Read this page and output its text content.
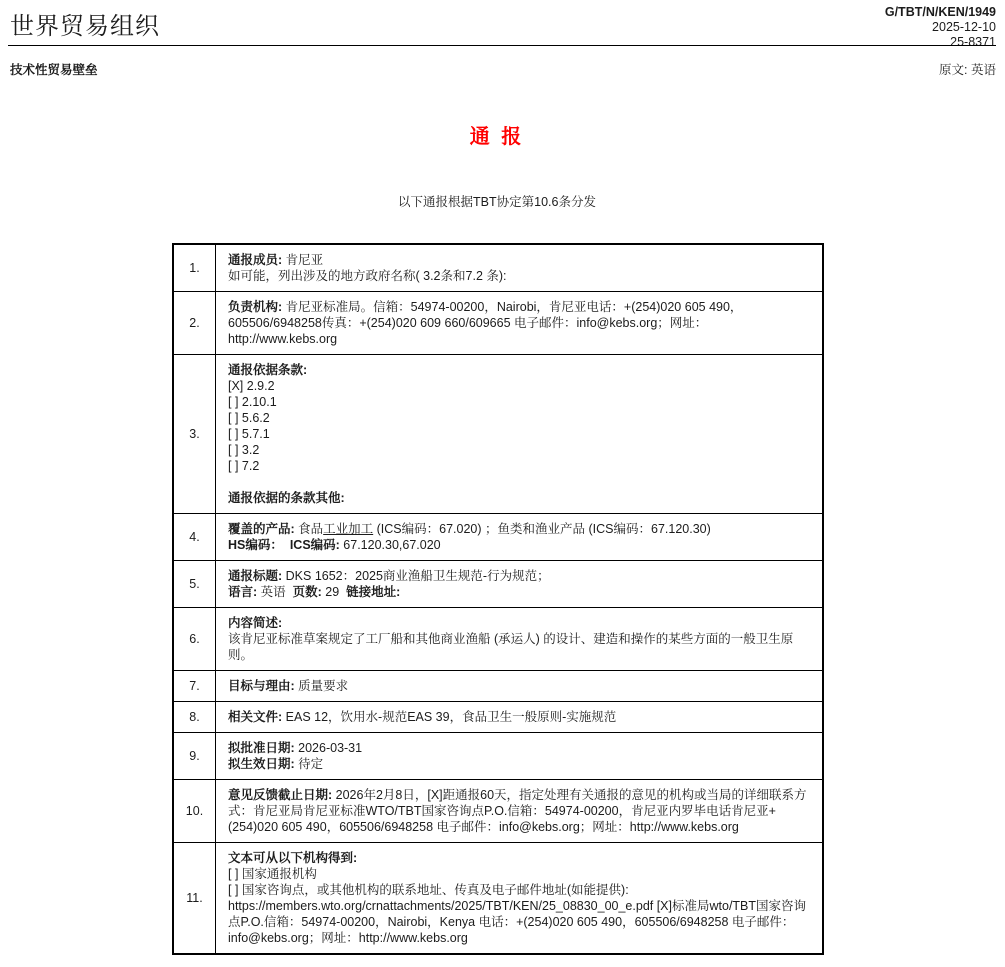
世界贸易组织
G/TBT/N/KEN/1949
2025-12-10
25-8371
技术性贸易壁垒	原文: 英语
通 报
以下通报根据TBT协定第10.6条分发
1.
通报成员: 肯尼亚
如可能，列出涉及的地方政府名称( 3.2条和7.2 条):
2.
负责机构: 肯尼亚标准局。信箱：54974-00200，Nairobi，肯尼亚电话：+(254)020 605 490，605506/6948258传真：+(254)020 609 660/609665 电子邮件：info@kebs.org；网址：http://www.kebs.org
3.
通报依据条款:
[X] 2.9.2
[ ] 2.10.1
[ ] 5.6.2
[ ] 5.7.1
[ ] 3.2
[ ] 7.2

通报依据的条款其他:
4.
覆盖的产品: 食品工业加工 (ICS编码：67.020) ；鱼类和渔业产品 (ICS编码：67.120.30)
HS编码：  ICS编码: 67.120.30,67.020
5.
通报标题: DKS 1652：2025商业渔船卫生规范-行为规范；
语言: 英语  页数: 29  链接地址:
6.
内容简述:
该肯尼亚标准草案规定了工厂船和其他商业渔船 (承运人) 的设计、建造和操作的某些方面的一般卫生原则。
7.	目标与理由: 质量要求
8.	相关文件: EAS 12，饮用水-规范EAS 39，食品卫生一般原则-实施规范
9.
拟批准日期: 2026-03-31
拟生效日期: 待定
10.
意见反馈截止日期: 2026年2月8日，[X]距通报60天，指定处理有关通报的意见的机构或当局的详细联系方式：肯尼亚局肯尼亚标准WTO/TBT国家咨询点P.O.信箱：54974-00200，肯尼亚内罗毕电话肯尼亚+(254)020 605 490，605506/6948258 电子邮件：info@kebs.org；网址：http://www.kebs.org
11.
文本可从以下机构得到:
[ ] 国家通报机构
[ ] 国家咨询点，或其他机构的联系地址、传真及电子邮件地址(如能提供):
https://members.wto.org/crnattachments/2025/TBT/KEN/25_08830_00_e.pdf [X]标准局wto/TBT国家咨询点P.O.信箱：54974-00200，Nairobi，Kenya 电话：+(254)020 605 490，605506/6948258 电子邮件：info@kebs.org；网址：http://www.kebs.org
